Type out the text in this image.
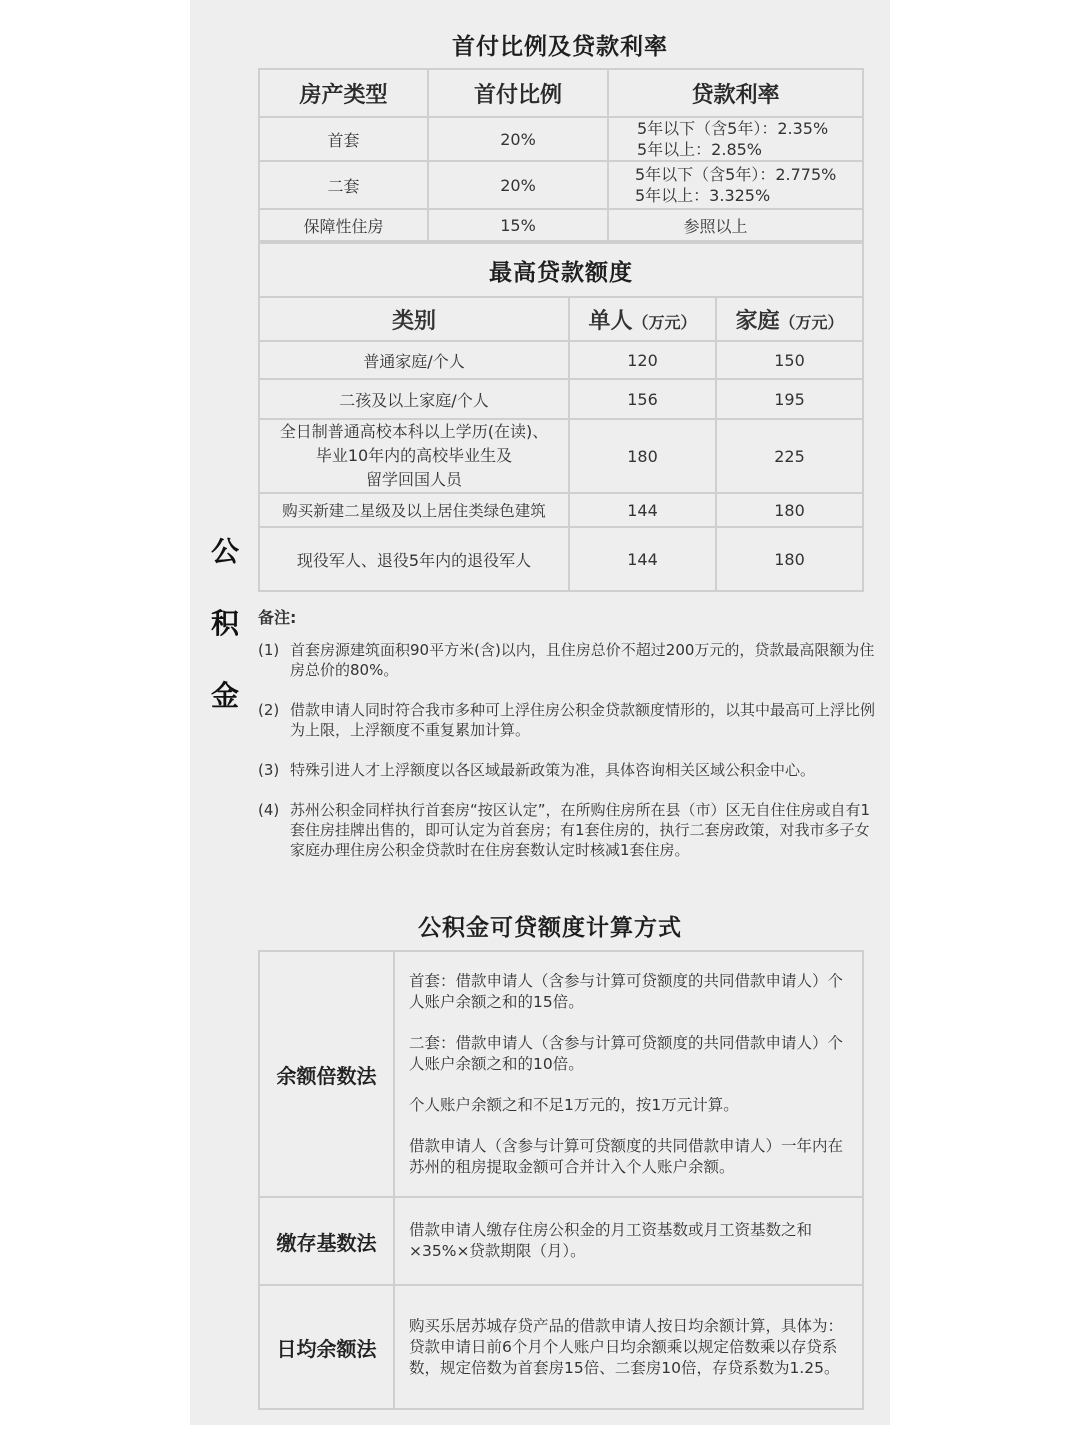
首付比例及贷款利率
房产类型	首付比例	贷款利率
首套	20%	5年以下（含5年）：2.35%
5年以上：2.85%

二套	20%	5年以下（含5年）：2.775%
5年以上：3.325%

保障性住房	15%	参照以上
最高贷款额度		
类别	单人（万元）	家庭（万元）
普通家庭/个人	120	150
二孩及以上家庭/个人	156	195

全日制普通高校本科以上学历(在读)、
毕业10年内的高校毕业生及
留学回国人员	180	225
购买新建二星级及以上居住类绿色建筑	144	180
现役军人、退役5年内的退役军人	144	180
公
积
金
备注:
(1) 首套房源建筑面积90平方米(含)以内，且住房总价不超过200万元的，贷款最高限额为住房总价的80%。
(2) 借款申请人同时符合我市多种可上浮住房公积金贷款额度情形的，以其中最高可上浮比例为上限，上浮额度不重复累加计算。
(3) 特殊引进人才上浮额度以各区域最新政策为准，具体咨询相关区域公积金中心。
(4) 苏州公积金同样执行首套房“按区认定”，在所购住房所在县（市）区无自住住房或自有1套住房挂牌出售的，即可认定为首套房；有1套住房的，执行二套房政策，对我市多子女家庭办理住房公积金贷款时在住房套数认定时核减1套住房。
公积金可贷额度计算方式
余额倍数法	首套：借款申请人（含参与计算可贷额度的共同借款申请人）个人账户余额之和的15倍。

二套：借款申请人（含参与计算可贷额度的共同借款申请人）个人账户余额之和的10倍。

个人账户余额之和不足1万元的，按1万元计算。

借款申请人（含参与计算可贷额度的共同借款申请人）一年内在苏州的租房提取金额可合并计入个人账户余额。

缴存基数法	借款申请人缴存住房公积金的月工资基数或月工资基数之和×35%×贷款期限（月）。

日均余额法	购买乐居苏城存贷产品的借款申请人按日均余额计算，具体为：贷款申请日前6个月个人账户日均余额乘以规定倍数乘以存贷系数，规定倍数为首套房15倍、二套房10倍，存贷系数为1.25。
